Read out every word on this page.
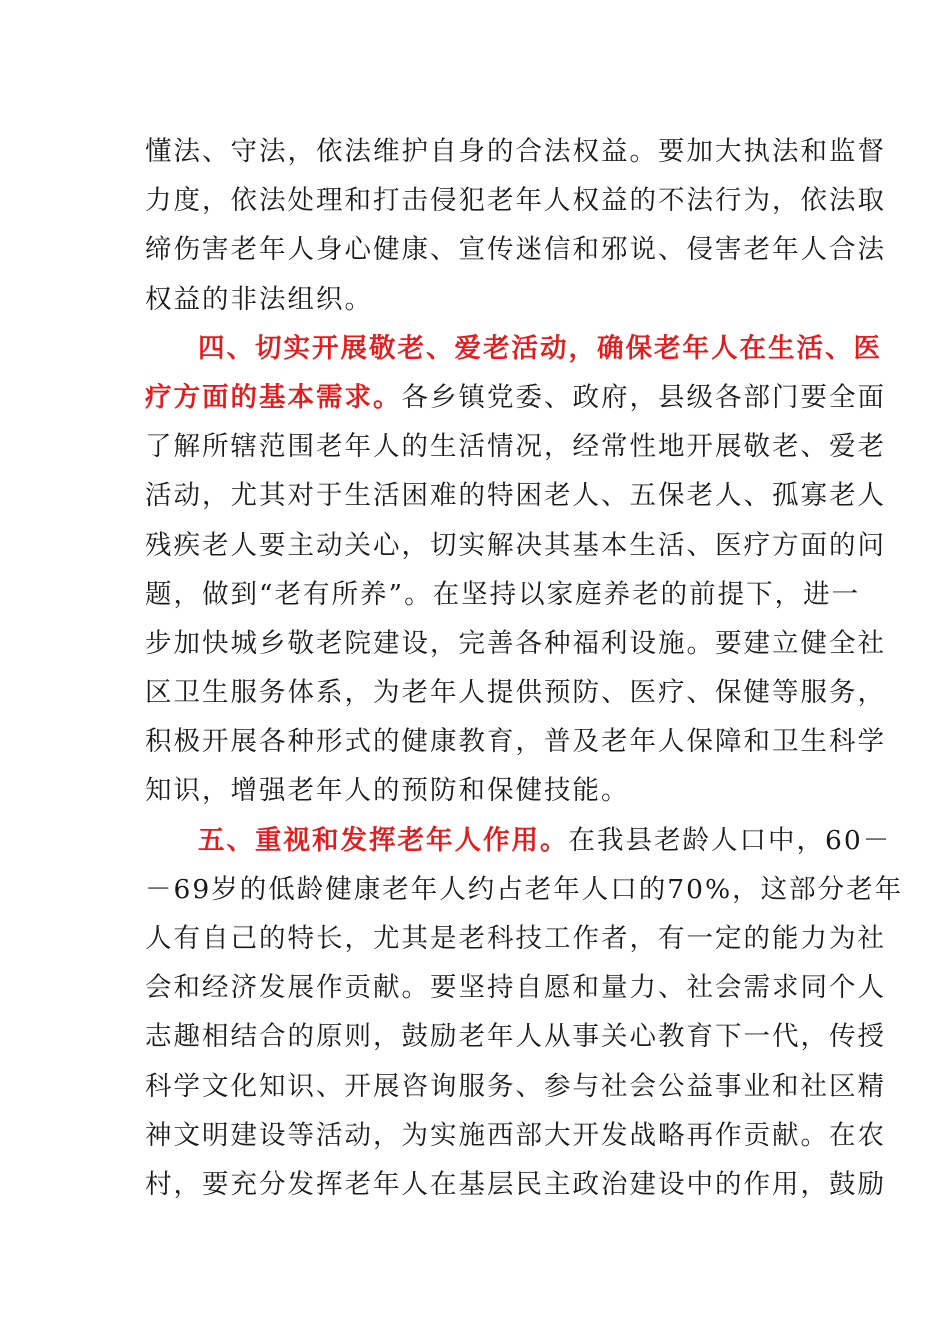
懂法、守法，依法维护自身的合法权益。要加大执法和监督
力度，依法处理和打击侵犯老年人权益的不法行为，依法取
缔伤害老年人身心健康、宣传迷信和邪说、侵害老年人合法
权益的非法组织。
四、切实开展敬老、爱老活动，确保老年人在生活、医
疗方面的基本需求。各乡镇党委、政府，县级各部门要全面
了解所辖范围老年人的生活情况，经常性地开展敬老、爱老
活动，尤其对于生活困难的特困老人、五保老人、孤寡老人
残疾老人要主动关心，切实解决其基本生活、医疗方面的问
题，做到“老有所养”。在坚持以家庭养老的前提下，进一
步加快城乡敬老院建设，完善各种福利设施。要建立健全社
区卫生服务体系，为老年人提供预防、医疗、保健等服务，
积极开展各种形式的健康教育，普及老年人保障和卫生科学
知识，增强老年人的预防和保健技能。
五、重视和发挥老年人作用。在我县老龄人口中，60－
－69岁的低龄健康老年人约占老年人口的70%，这部分老年
人有自己的特长，尤其是老科技工作者，有一定的能力为社
会和经济发展作贡献。要坚持自愿和量力、社会需求同个人
志趣相结合的原则，鼓励老年人从事关心教育下一代，传授
科学文化知识、开展咨询服务、参与社会公益事业和社区精
神文明建设等活动，为实施西部大开发战略再作贡献。在农
村，要充分发挥老年人在基层民主政治建设中的作用，鼓励
